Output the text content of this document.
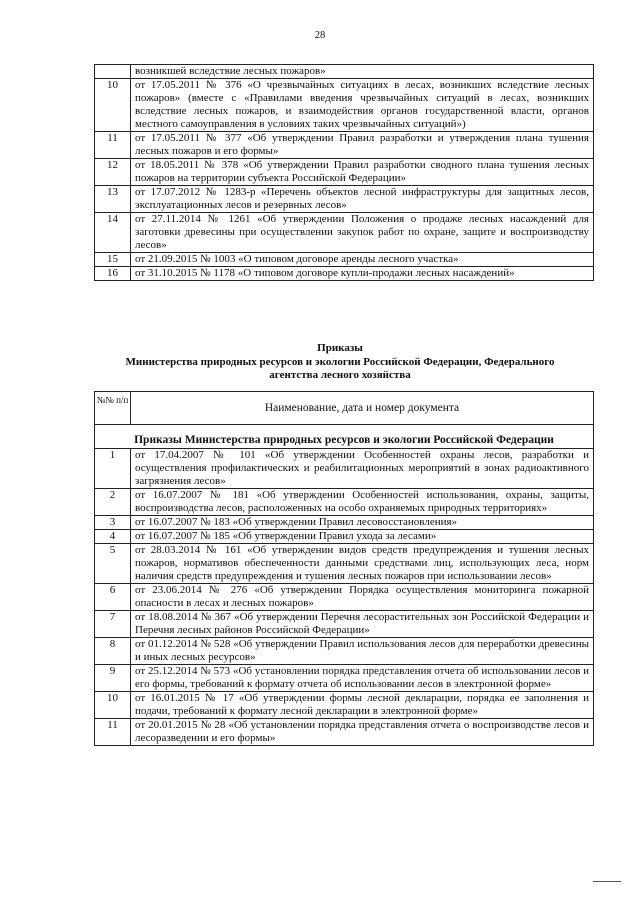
28
	возникшей вследствие лесных пожаров»
10	от 17.05.2011 № 376 «О чрезвычайных ситуациях в лесах, возникших вследствие лесных пожаров» (вместе с «Правилами введения чрезвычайных ситуаций в лесах, возникших вследствие лесных пожаров, и взаимодействия органов государственной власти, органов местного самоуправления в условиях таких чрезвычайных ситуаций»)
11	от 17.05.2011 № 377 «Об утверждении Правил разработки и утверждения плана тушения лесных пожаров и его формы»
12	от 18.05.2011 № 378 «Об утверждении Правил разработки сводного плана тушения лесных пожаров на территории субъекта Российской Федерации»
13	от 17.07.2012 № 1283-р «Перечень объектов лесной инфраструктуры для защитных лесов, эксплуатационных лесов и резервных лесов»
14	от 27.11.2014 № 1261 «Об утверждении Положения о продаже лесных насаждений для заготовки древесины при осуществлении закупок работ по охране, защите и воспроизводству лесов»
15	от 21.09.2015 № 1003 «О типовом договоре аренды лесного участка»
16	от 31.10.2015 № 1178 «О типовом договоре купли-продажи лесных насаждений»
Приказы
Министерства природных ресурсов и экологии Российской Федерации, Федерального
агентства лесного хозяйства
№№ п/п	Наименование, дата и номер документа
Приказы Министерства природных ресурсов и экологии Российской Федерации	
1	от 17.04.2007 № 101 «Об утверждении Особенностей охраны лесов, разработки и осуществления профилактических и реабилитационных мероприятий в зонах радиоактивного загрязнения лесов»
2	от 16.07.2007 № 181 «Об утверждении Особенностей использования, охраны, защиты, воспроизводства лесов, расположенных на особо охраняемых природных территориях»
3	от 16.07.2007 № 183 «Об утверждении Правил лесовосстановления»
4	от 16.07.2007 № 185 «Об утверждении Правил ухода за лесами»
5	от 28.03.2014 № 161 «Об утверждении видов средств предупреждения и тушения лесных пожаров, нормативов обеспеченности данными средствами лиц, использующих леса, норм наличия средств предупреждения и тушения лесных пожаров при использовании лесов»
6	от 23.06.2014 № 276 «Об утверждении Порядка осуществления мониторинга пожарной опасности в лесах и лесных пожаров»
7	от 18.08.2014 № 367 «Об утверждении Перечня лесорастительных зон Российской Федерации и Перечня лесных районов Российской Федерации»
8	от 01.12.2014 № 528 «Об утверждении Правил использования лесов для переработки древесины и иных лесных ресурсов»
9	от 25.12.2014 № 573 «Об установлении порядка представления отчета об использовании лесов и его формы, требований к формату отчета об использовании лесов в электронной форме»
10	от 16.01.2015 № 17 «Об утверждении формы лесной декларации, порядка ее заполнения и подачи, требований к формату лесной декларации в электронной форме»
11	от 20.01.2015 № 28 «Об установлении порядка представления отчета о воспроизводстве лесов и лесоразведении и его формы»
